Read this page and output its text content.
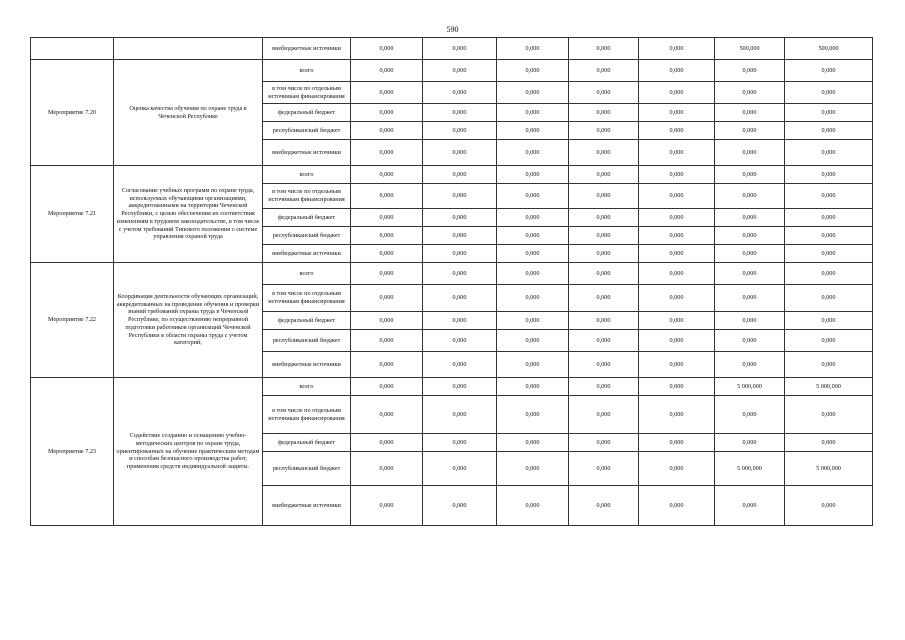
590
		внебюджетные источники	0,000	0,000	0,000	0,000	0,000	500,000	500,000
Мероприятие 7.20	Оценка качества обучения по охране труда в Чеченской Республике	всего	0,000	0,000	0,000	0,000	0,000	0,000	0,000
		в том числе по отдельным источникам финансирования	0,000	0,000	0,000	0,000	0,000	0,000	0,000
		федеральный бюджет	0,000	0,000	0,000	0,000	0,000	0,000	0,000
		республиканский бюджет	0,000	0,000	0,000	0,000	0,000	0,000	0,000
		внебюджетные источники	0,000	0,000	0,000	0,000	0,000	0,000	0,000
Мероприятие 7.21	Согласование учебных программ по охране труда, используемых обучающими организациями, аккредитованными на территории Чеченской Республики, с целью обеспечения их соответствия изменениям в трудовом законодательстве, в том числе с учетом требований Типового положения о системе управления охраной труда	всего	0,000	0,000	0,000	0,000	0,000	0,000	0,000
		в том числе по отдельным источникам финансирования	0,000	0,000	0,000	0,000	0,000	0,000	0,000
		федеральный бюджет	0,000	0,000	0,000	0,000	0,000	0,000	0,000
		республиканский бюджет	0,000	0,000	0,000	0,000	0,000	0,000	0,000
		внебюджетные источники	0,000	0,000	0,000	0,000	0,000	0,000	0,000
Мероприятие 7.22	Координация деятельности обучающих организаций, аккредитованных на проведение обучения и проверки знаний требований охраны труда в Чеченской Республике, по осуществлению непрерывной подготовки работников организаций Чеченской Республики в области охраны труда с учетом категорий;	всего	0,000	0,000	0,000	0,000	0,000	0,000	0,000
		в том числе по отдельным источникам финансирования	0,000	0,000	0,000	0,000	0,000	0,000	0,000
		федеральный бюджет	0,000	0,000	0,000	0,000	0,000	0,000	0,000
		республиканский бюджет	0,000	0,000	0,000	0,000	0,000	0,000	0,000
		внебюджетные источники	0,000	0,000	0,000	0,000	0,000	0,000	0,000
Мероприятие 7.23	Содействие созданию и оснащению учебно-методических центров по охране труда, ориентированных на обучение практическим методам и способам безопасного производства работ, применения средств индивидуальной защиты.	всего	0,000	0,000	0,000	0,000	0,000	5 000,000	5 000,000
		в том числе по отдельным источникам финансирования	0,000	0,000	0,000	0,000	0,000	0,000	0,000
		федеральный бюджет	0,000	0,000	0,000	0,000	0,000	0,000	0,000
		республиканский бюджет	0,000	0,000	0,000	0,000	0,000	5 000,000	5 000,000
		внебюджетные источники	0,000	0,000	0,000	0,000	0,000	0,000	0,000
